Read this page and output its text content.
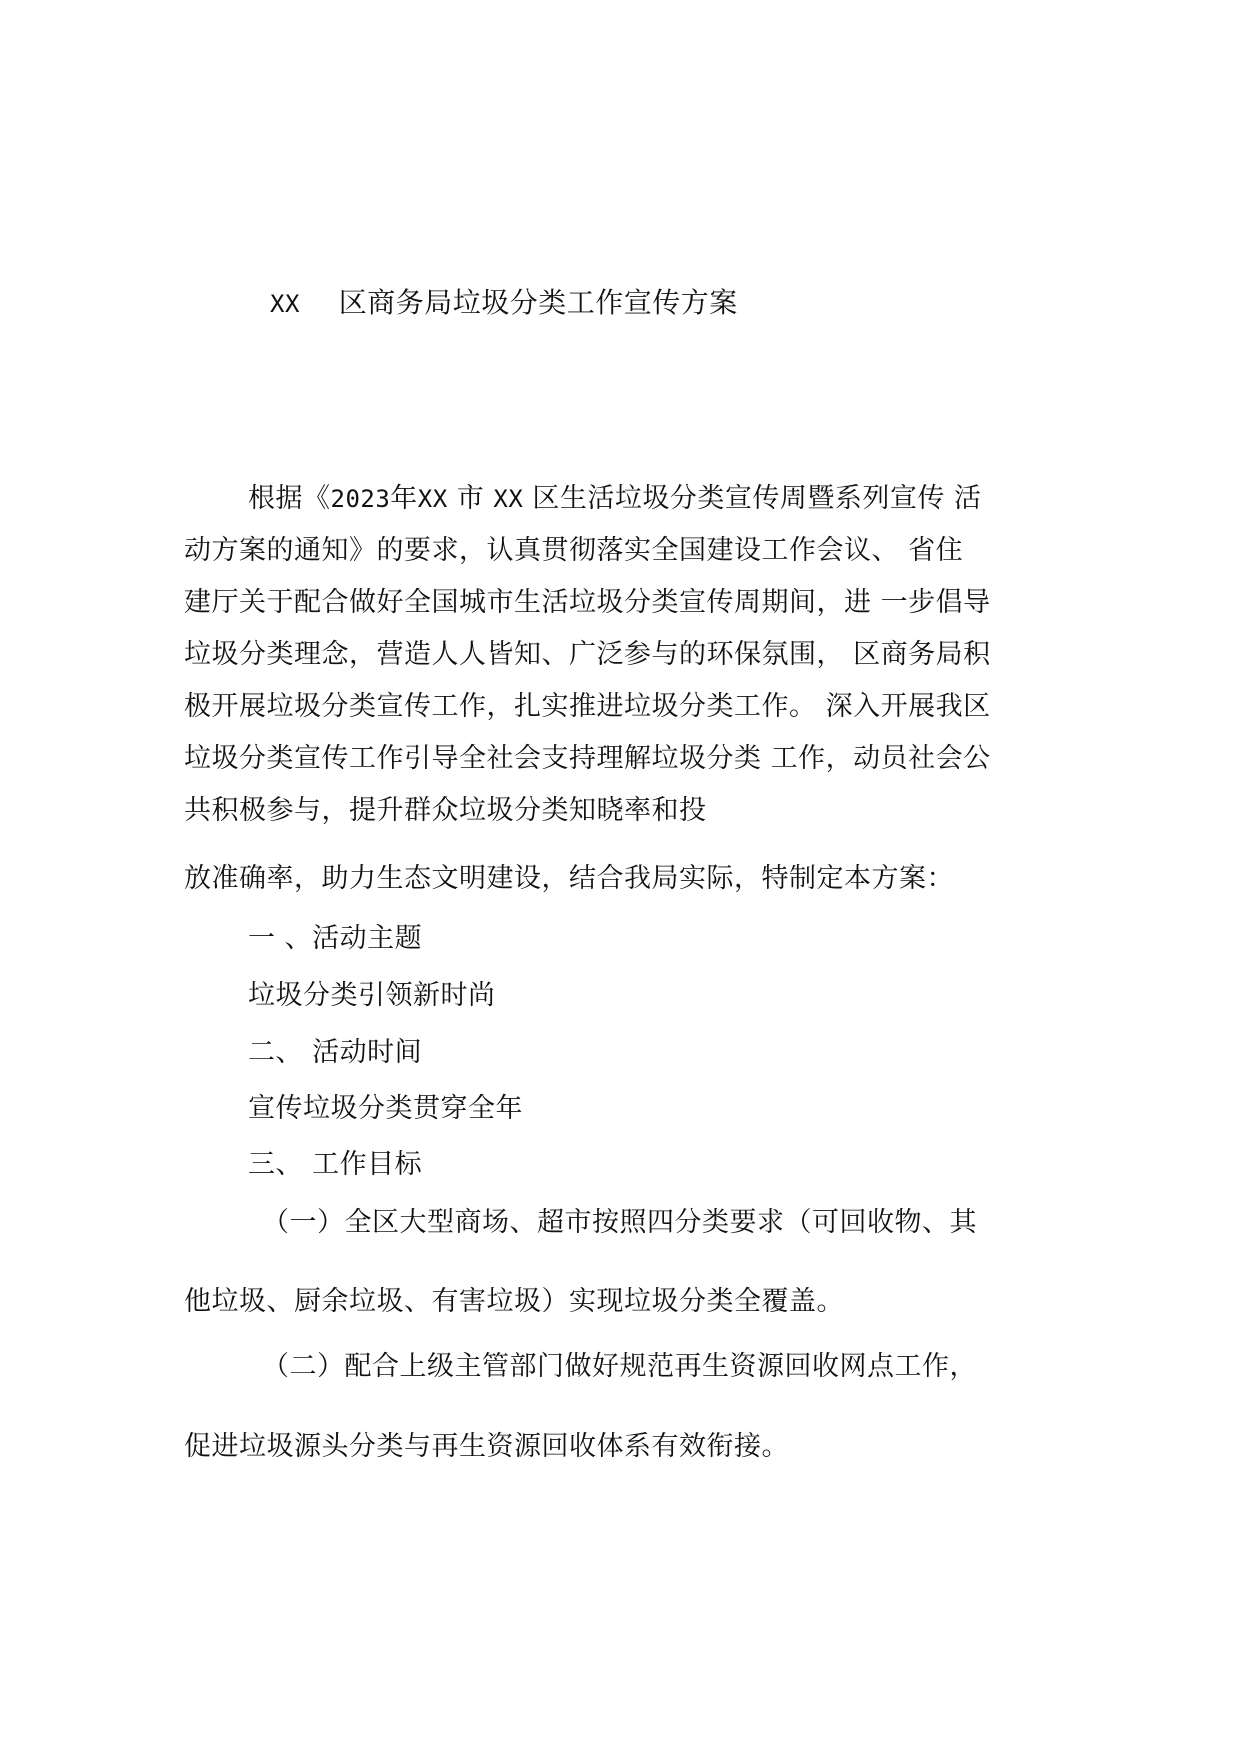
XX 区商务局垃圾分类工作宣传方案
根据《2023年XX 市 XX 区生活垃圾分类宣传周暨系列宣传 活
动方案的通知》的要求，认真贯彻落实全国建设工作会议、 省住
建厅关于配合做好全国城市生活垃圾分类宣传周期间，进 一步倡导
垃圾分类理念，营造人人皆知、广泛参与的环保氛围， 区商务局积
极开展垃圾分类宣传工作，扎实推进垃圾分类工作。 深入开展我区
垃圾分类宣传工作引导全社会支持理解垃圾分类 工作，动员社会公
共积极参与，提升群众垃圾分类知晓率和投
放准确率，助力生态文明建设，结合我局实际，特制定本方案：
一 、活动主题
垃圾分类引领新时尚
二、 活动时间
宣传垃圾分类贯穿全年
三、 工作目标
（一）全区大型商场、超市按照四分类要求（可回收物、其
他垃圾、厨余垃圾、有害垃圾）实现垃圾分类全覆盖。
（二）配合上级主管部门做好规范再生资源回收网点工作，
促进垃圾源头分类与再生资源回收体系有效衔接。
